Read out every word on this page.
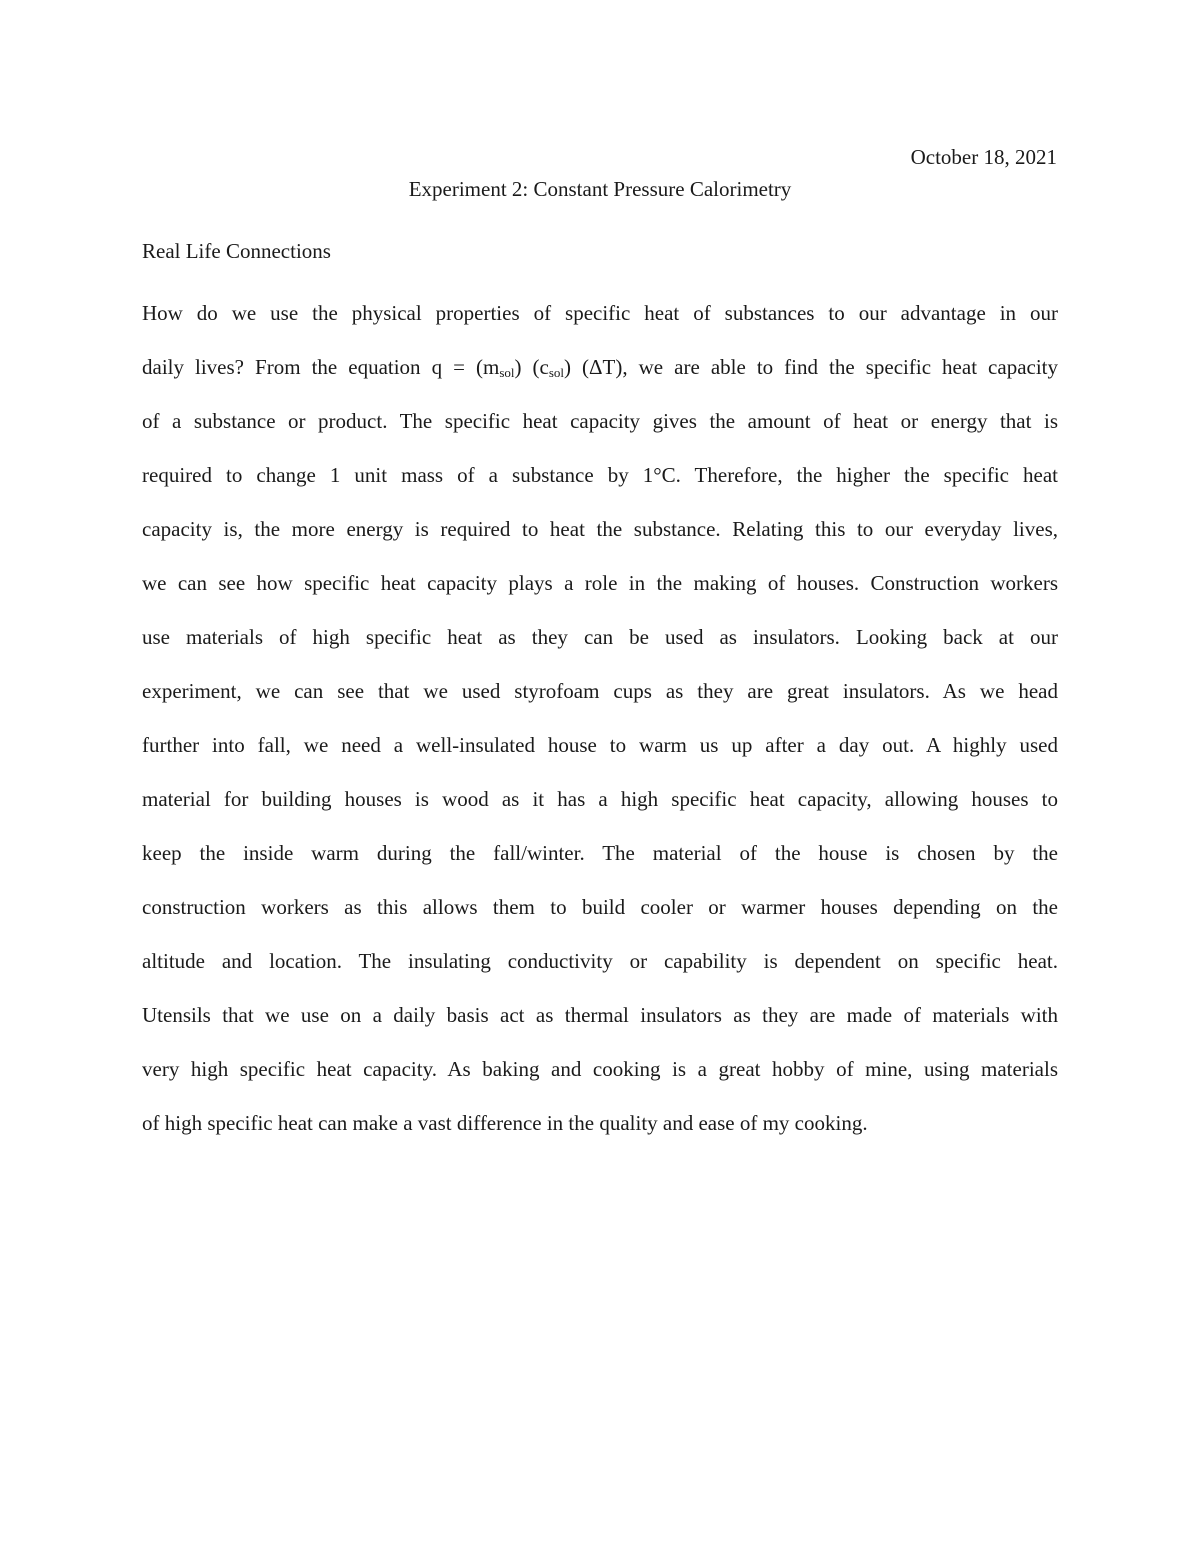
October 18, 2021
Experiment 2: Constant Pressure Calorimetry
Real Life Connections
How do we use the physical properties of specific heat of substances to our advantage in our
daily lives? From the equation $q = (m_{sol})$ $(c_{sol})$ (ΔT), we are able to find the specific heat capacity
of a substance or product. The specific heat capacity gives the amount of heat or energy that is
required to change 1 unit mass of a substance by 1°C. Therefore, the higher the specific heat
capacity is, the more energy is required to heat the substance. Relating this to our everyday lives,
we can see how specific heat capacity plays a role in the making of houses. Construction workers
use materials of high specific heat as they can be used as insulators. Looking back at our
experiment, we can see that we used styrofoam cups as they are great insulators. As we head
further into fall, we need a well-insulated house to warm us up after a day out. A highly used
material for building houses is wood as it has a high specific heat capacity, allowing houses to
keep the inside warm during the fall/winter. The material of the house is chosen by the
construction workers as this allows them to build cooler or warmer houses depending on the
altitude and location. The insulating conductivity or capability is dependent on specific heat.
Utensils that we use on a daily basis act as thermal insulators as they are made of materials with
very high specific heat capacity. As baking and cooking is a great hobby of mine, using materials
of high specific heat can make a vast difference in the quality and ease of my cooking.
